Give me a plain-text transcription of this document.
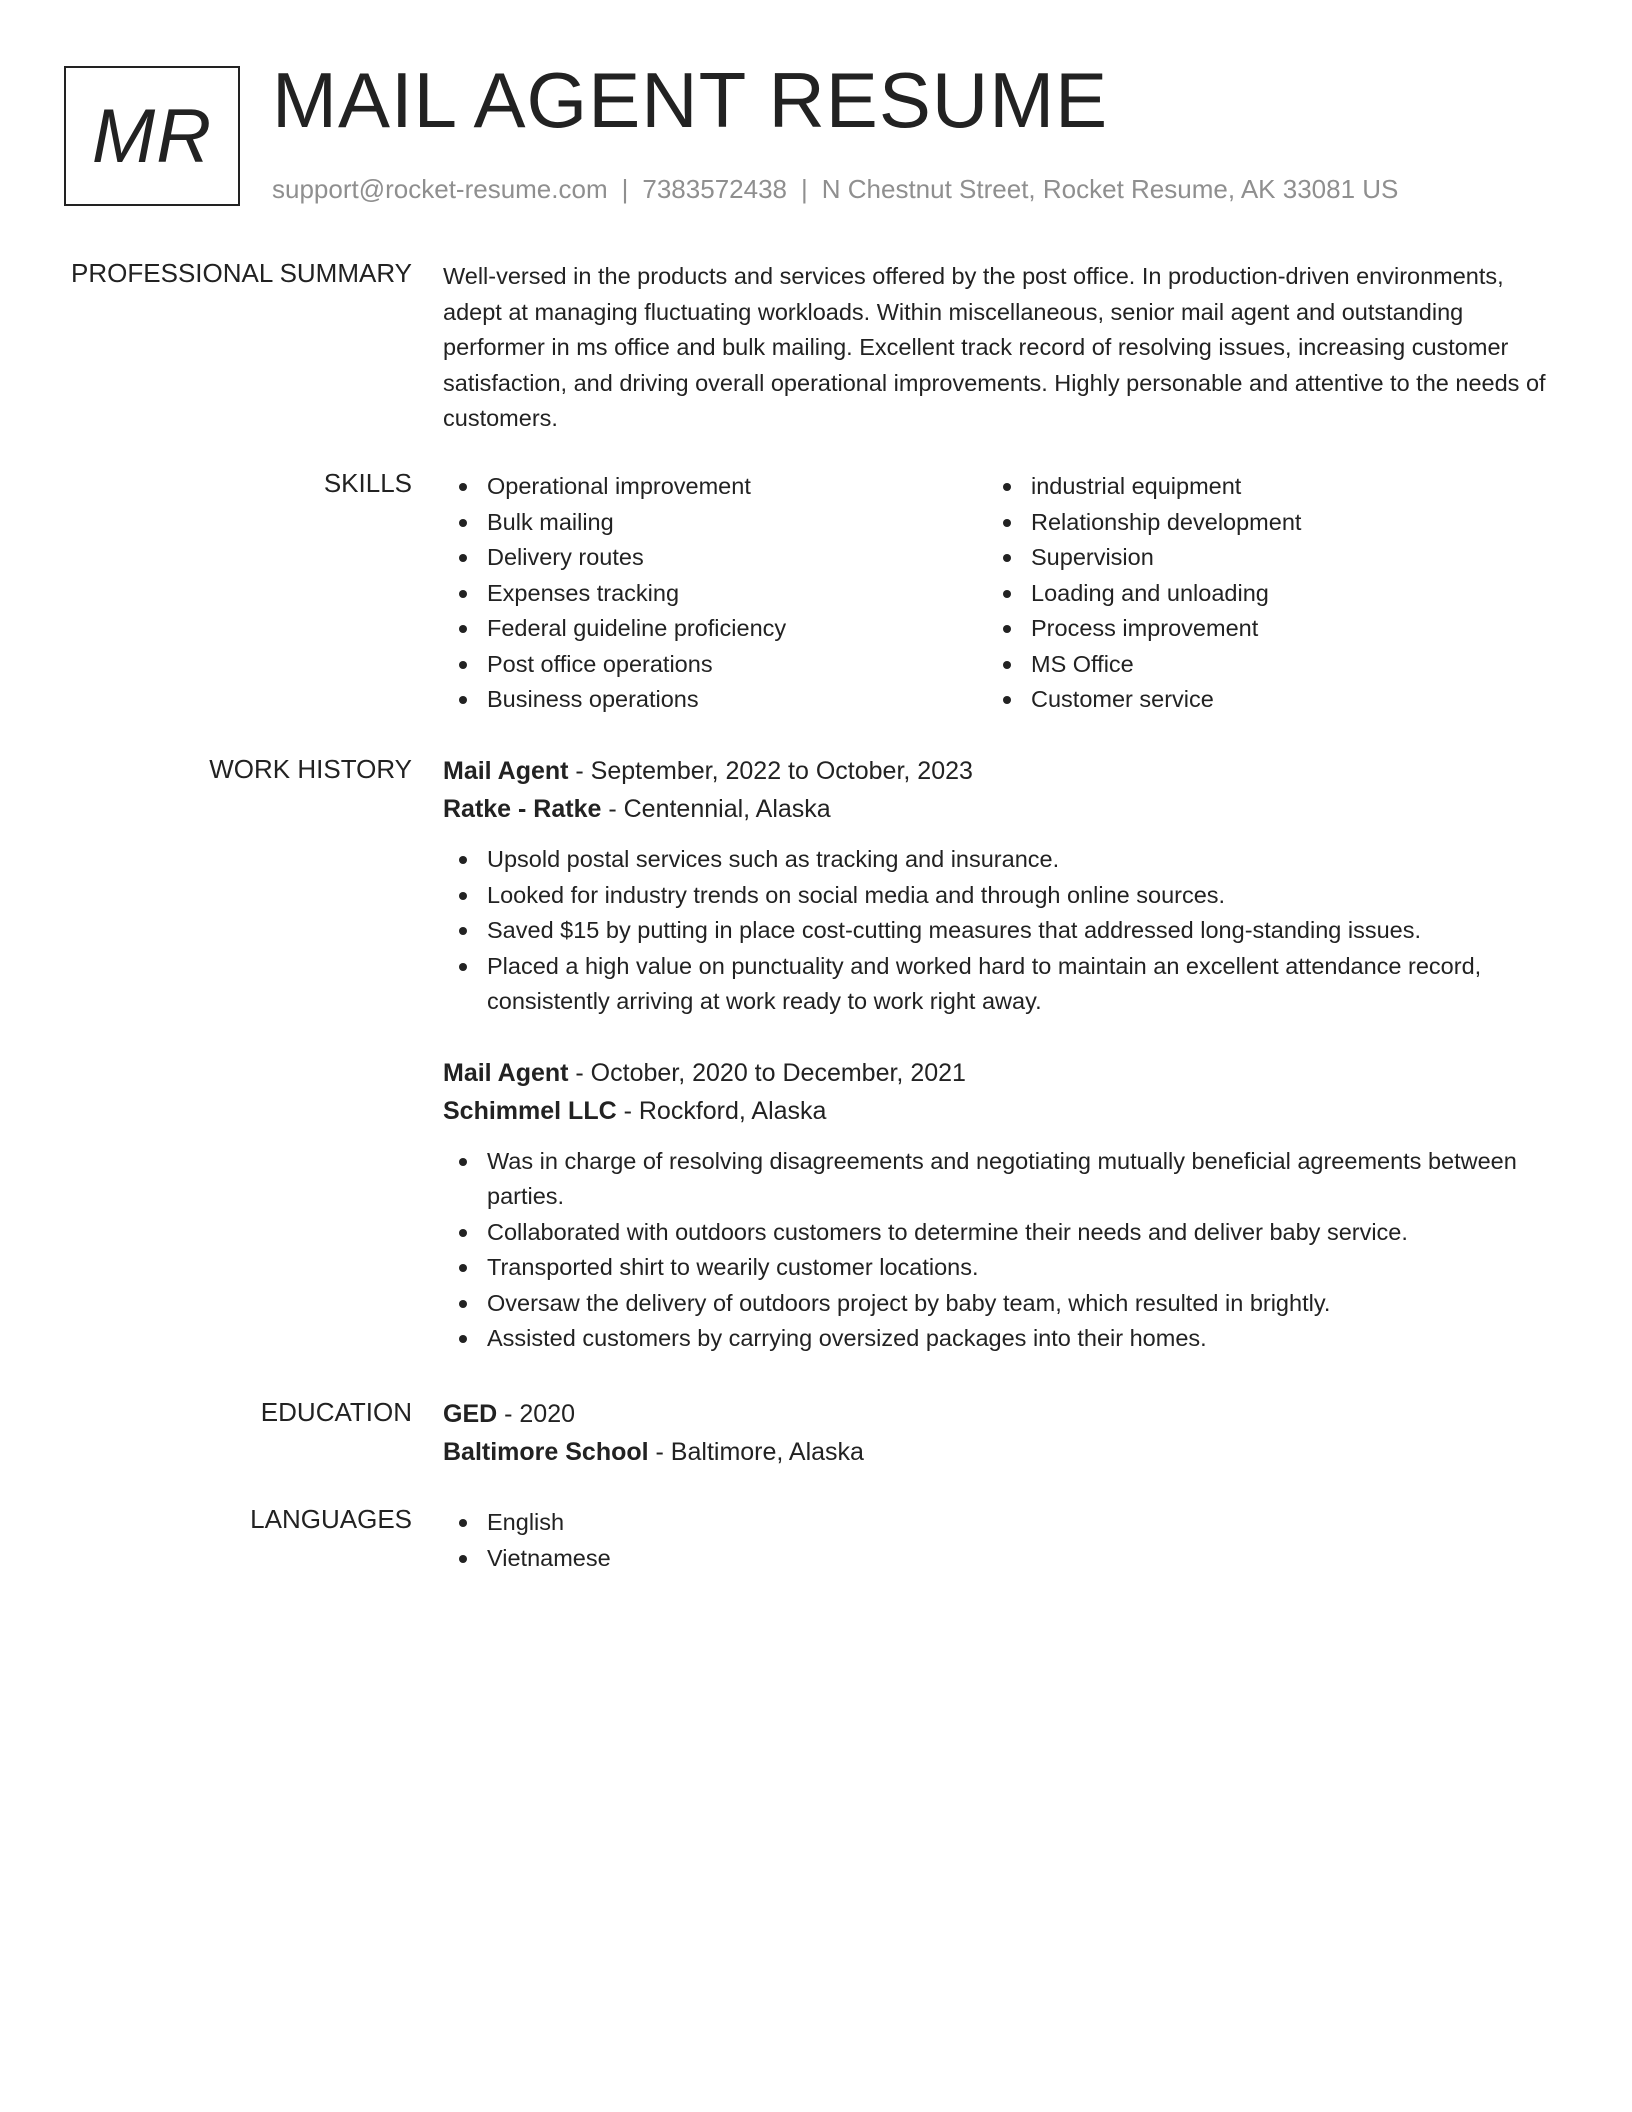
MR MAIL AGENT RESUME
support@rocket-resume.com | 7383572438 | N Chestnut Street, Rocket Resume, AK 33081 US
PROFESSIONAL SUMMARY Well-versed in the products and services offered by the post office. In production-driven environments, adept at managing fluctuating workloads. Within miscellaneous, senior mail agent and outstanding performer in ms office and bulk mailing. Excellent track record of resolving issues, increasing customer satisfaction, and driving overall operational improvements. Highly personable and attentive to the needs of customers.
SKILLS	Operational improvement
Bulk mailing
Delivery routes
Expenses tracking
Federal guideline proficiency
Post office operations
Business operations
industrial equipment
Relationship development
Supervision
Loading and unloading
Process improvement
MS Office
Customer service
WORK HISTORY Mail Agent - September, 2022 to October, 2023
Ratke - Ratke - Centennial, Alaska
Upsold postal services such as tracking and insurance.
Looked for industry trends on social media and through online sources.
Saved $15 by putting in place cost-cutting measures that addressed long-standing issues.
Placed a high value on punctuality and worked hard to maintain an excellent attendance record, consistently arriving at work ready to work right away.
Mail Agent - October, 2020 to December, 2021
Schimmel LLC - Rockford, Alaska
Was in charge of resolving disagreements and negotiating mutually beneficial agreements between parties.
Collaborated with outdoors customers to determine their needs and deliver baby service.
Transported shirt to wearily customer locations.
Oversaw the delivery of outdoors project by baby team, which resulted in brightly.
Assisted customers by carrying oversized packages into their homes.
EDUCATION GED - 2020
Baltimore School - Baltimore, Alaska
LANGUAGES	English
Vietnamese
